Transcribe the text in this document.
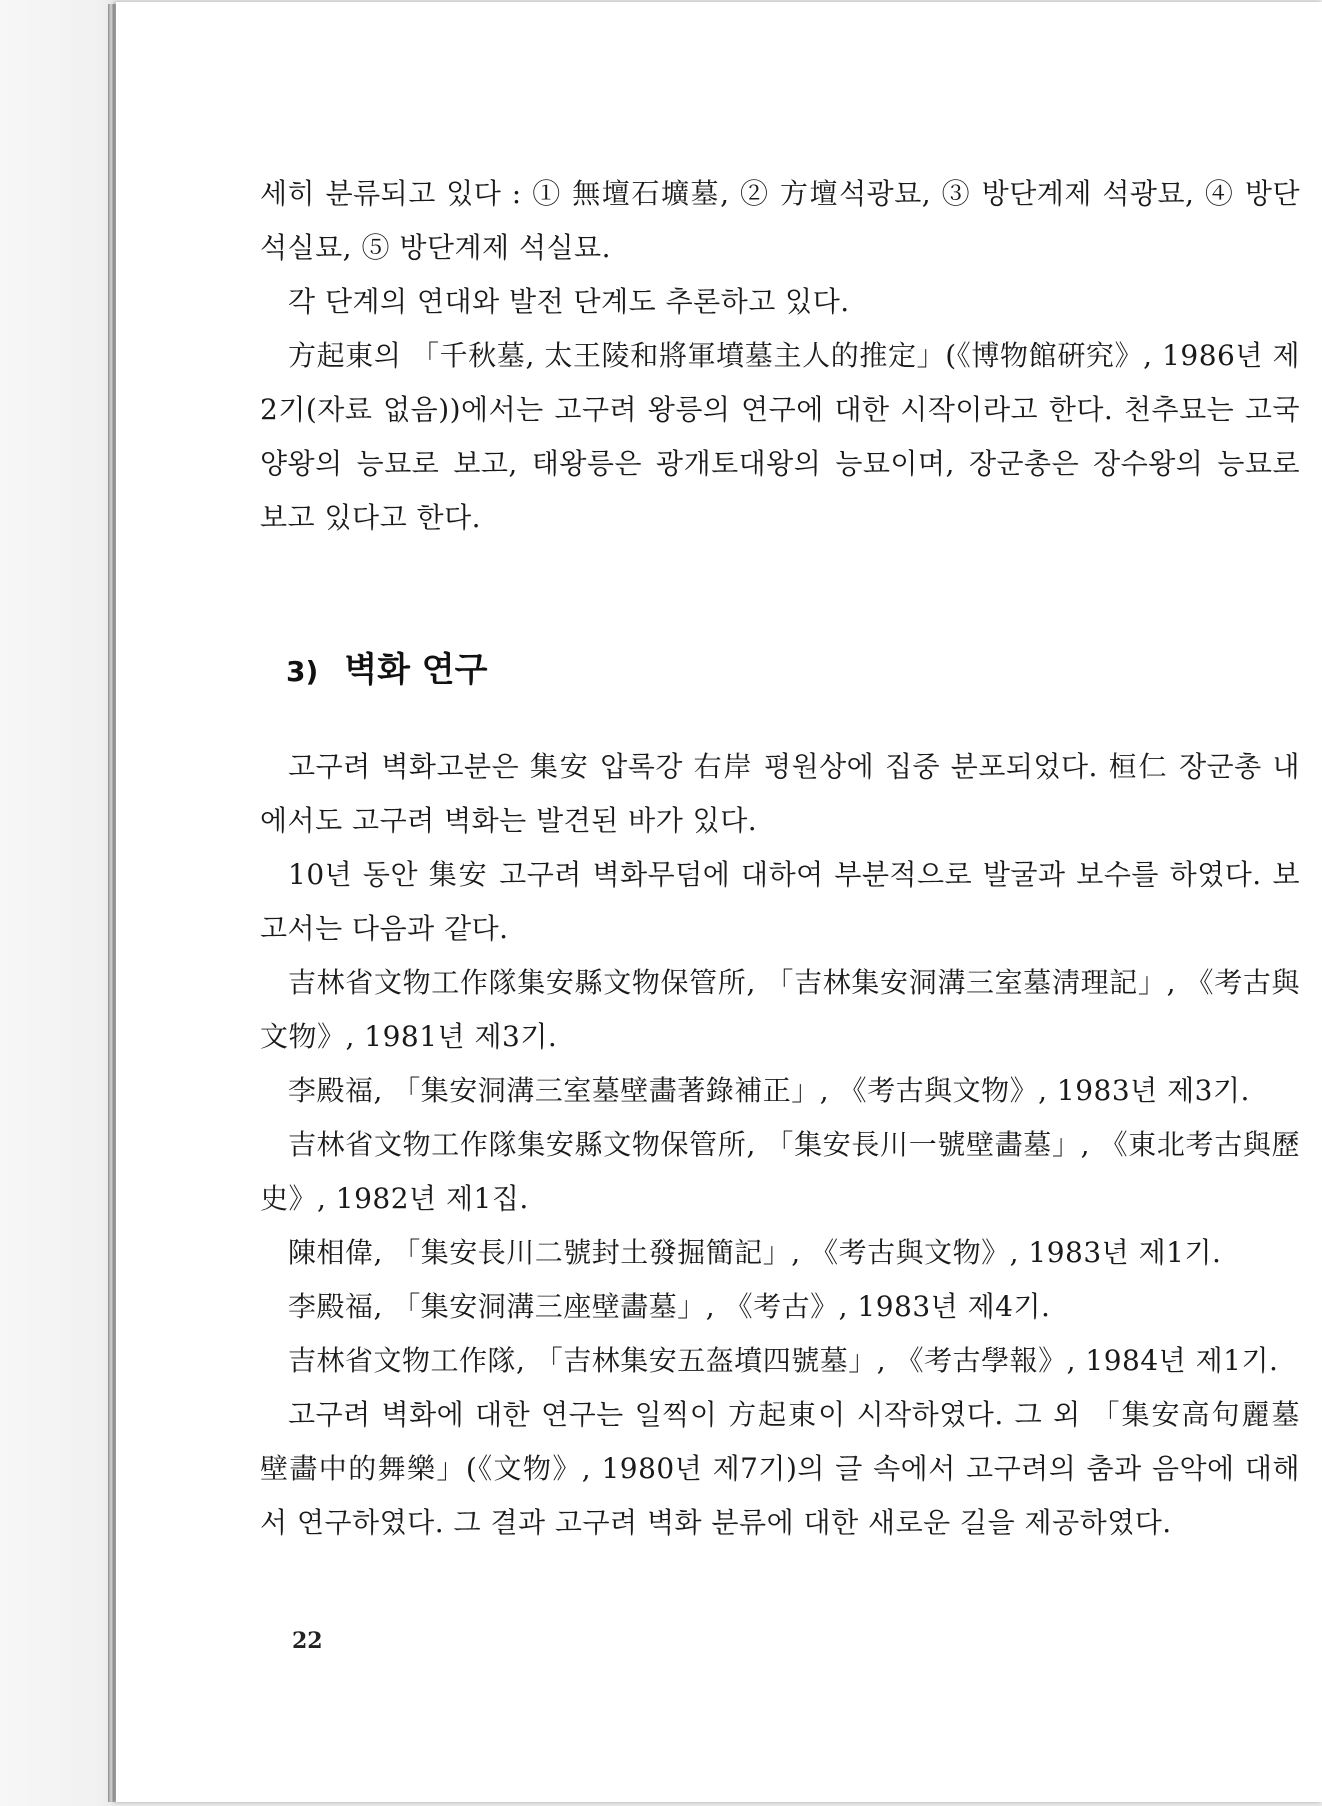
세히 분류되고 있다 : ① 無壇石壙墓, ② 方壇석광묘, ③ 방단계제 석광묘, ④ 방단석실묘, ⑤ 방단계제 석실묘.

각 단계의 연대와 발전 단계도 추론하고 있다.

方起東의 「千秋墓, 太王陵和將軍墳墓主人的推定」(《博物館硏究》, 1986년 제2기(자료 없음))에서는 고구려 왕릉의 연구에 대한 시작이라고 한다. 천추묘는 고국양왕의 능묘로 보고, 태왕릉은 광개토대왕의 능묘이며, 장군총은 장수왕의 능묘로 보고 있다고 한다.

3) 벽화 연구

고구려 벽화고분은 集安 압록강 右岸 평원상에 집중 분포되었다. 桓仁 장군총 내에서도 고구려 벽화는 발견된 바가 있다.

10년 동안 集安 고구려 벽화무덤에 대하여 부분적으로 발굴과 보수를 하였다. 보고서는 다음과 같다.

吉林省文物工作隊集安縣文物保管所, 「吉林集安洞溝三室墓淸理記」, 《考古與文物》, 1981년 제3기.

李殿福, 「集安洞溝三室墓壁畵著錄補正」, 《考古與文物》, 1983년 제3기.

吉林省文物工作隊集安縣文物保管所, 「集安長川一號壁畵墓」, 《東北考古與歷史》, 1982년 제1집.

陳相偉, 「集安長川二號封土發掘簡記」, 《考古與文物》, 1983년 제1기.

李殿福, 「集安洞溝三座壁畵墓」, 《考古》, 1983년 제4기.

吉林省文物工作隊, 「吉林集安五盔墳四號墓」, 《考古學報》, 1984년 제1기.

고구려 벽화에 대한 연구는 일찍이 方起東이 시작하였다. 그 외 「集安高句麗墓壁畵中的舞樂」(《文物》, 1980년 제7기)의 글 속에서 고구려의 춤과 음악에 대해서 연구하였다. 그 결과 고구려 벽화 분류에 대한 새로운 길을 제공하였다.

22
